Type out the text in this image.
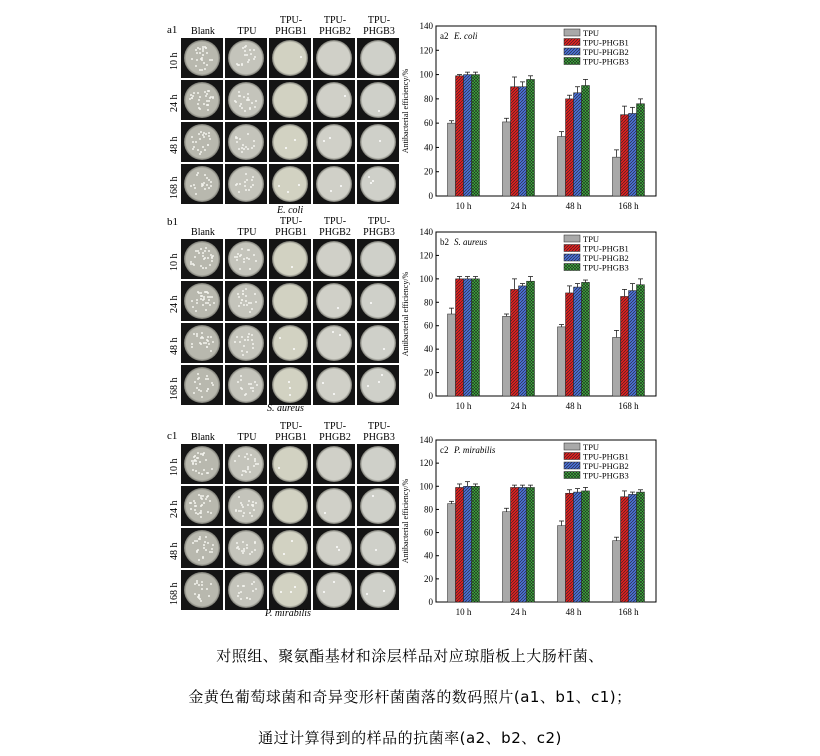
a1
E. coli
Blank	TPU
TPU-
PHGB1
TPU-
PHGB2
TPU-
PHGB3
10 h
24 h
48 h
168 h
b1
S. aureus
Blank	TPU
TPU-
PHGB1
TPU-
PHGB2
TPU-
PHGB3
10 h
24 h
48 h
168 h
c1
P. mirabilis
Blank	TPU
TPU-
PHGB1
TPU-
PHGB2
TPU-
PHGB3
10 h
24 h
48 h
168 h
0
20
40
60
80
100
120
140
Antibacterial efficiency/%
10 h	24 h	48 h	168 h
a2 E. coli	TPU
TPU-PHGB1
TPU-PHGB2
TPU-PHGB3
0
20
40
60
80
100
120
140
Antibacterial efficiency/%
10 h	24 h	48 h	168 h
b2 S. aureus	TPU
TPU-PHGB1
TPU-PHGB2
TPU-PHGB3
0
20
40
60
80
100
120
140
Antibacterial efficiency/%
10 h	24 h	48 h	168 h
c2 P. mirabilis	TPU
TPU-PHGB1
TPU-PHGB2
TPU-PHGB3
对照组、聚氨酯基材和涂层样品对应琼脂板上大肠杆菌、
金黄色葡萄球菌和奇异变形杆菌菌落的数码照片(a1、b1、c1)；
通过计算得到的样品的抗菌率(a2、b2、c2)
